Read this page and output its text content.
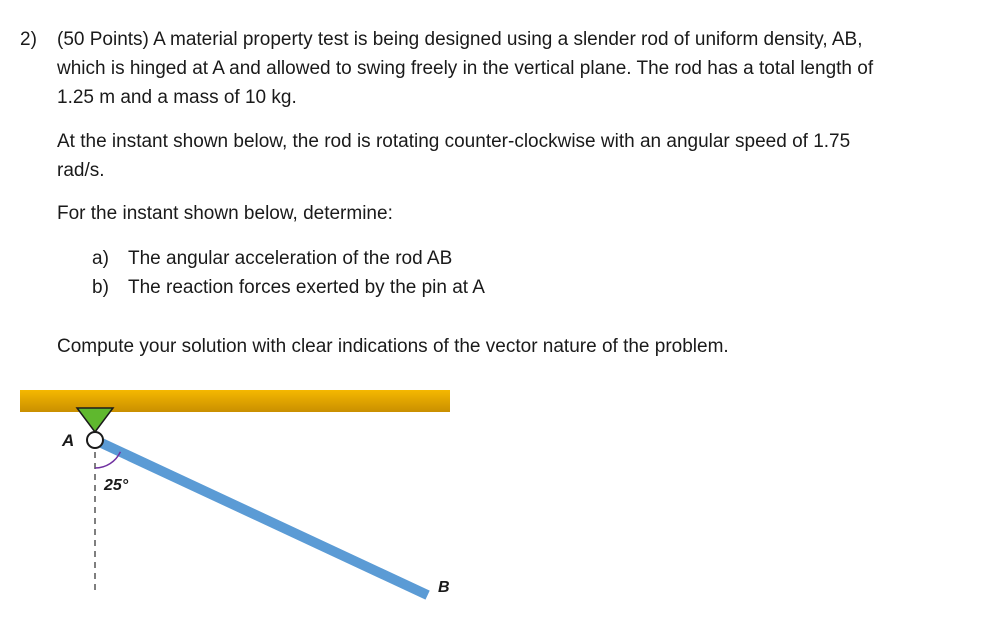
2) (50 Points) A material property test is being designed using a slender rod of uniform density, AB,
which is hinged at A and allowed to swing freely in the vertical plane. The rod has a total length of
1.25 m and a mass of 10 kg.

At the instant shown below, the rod is rotating counter-clockwise with an angular speed of 1.75
rad/s.

For the instant shown below, determine:

a) The angular acceleration of the rod AB
b) The reaction forces exerted by the pin at A

Compute your solution with clear indications of the vector nature of the problem.

A
25°
B
